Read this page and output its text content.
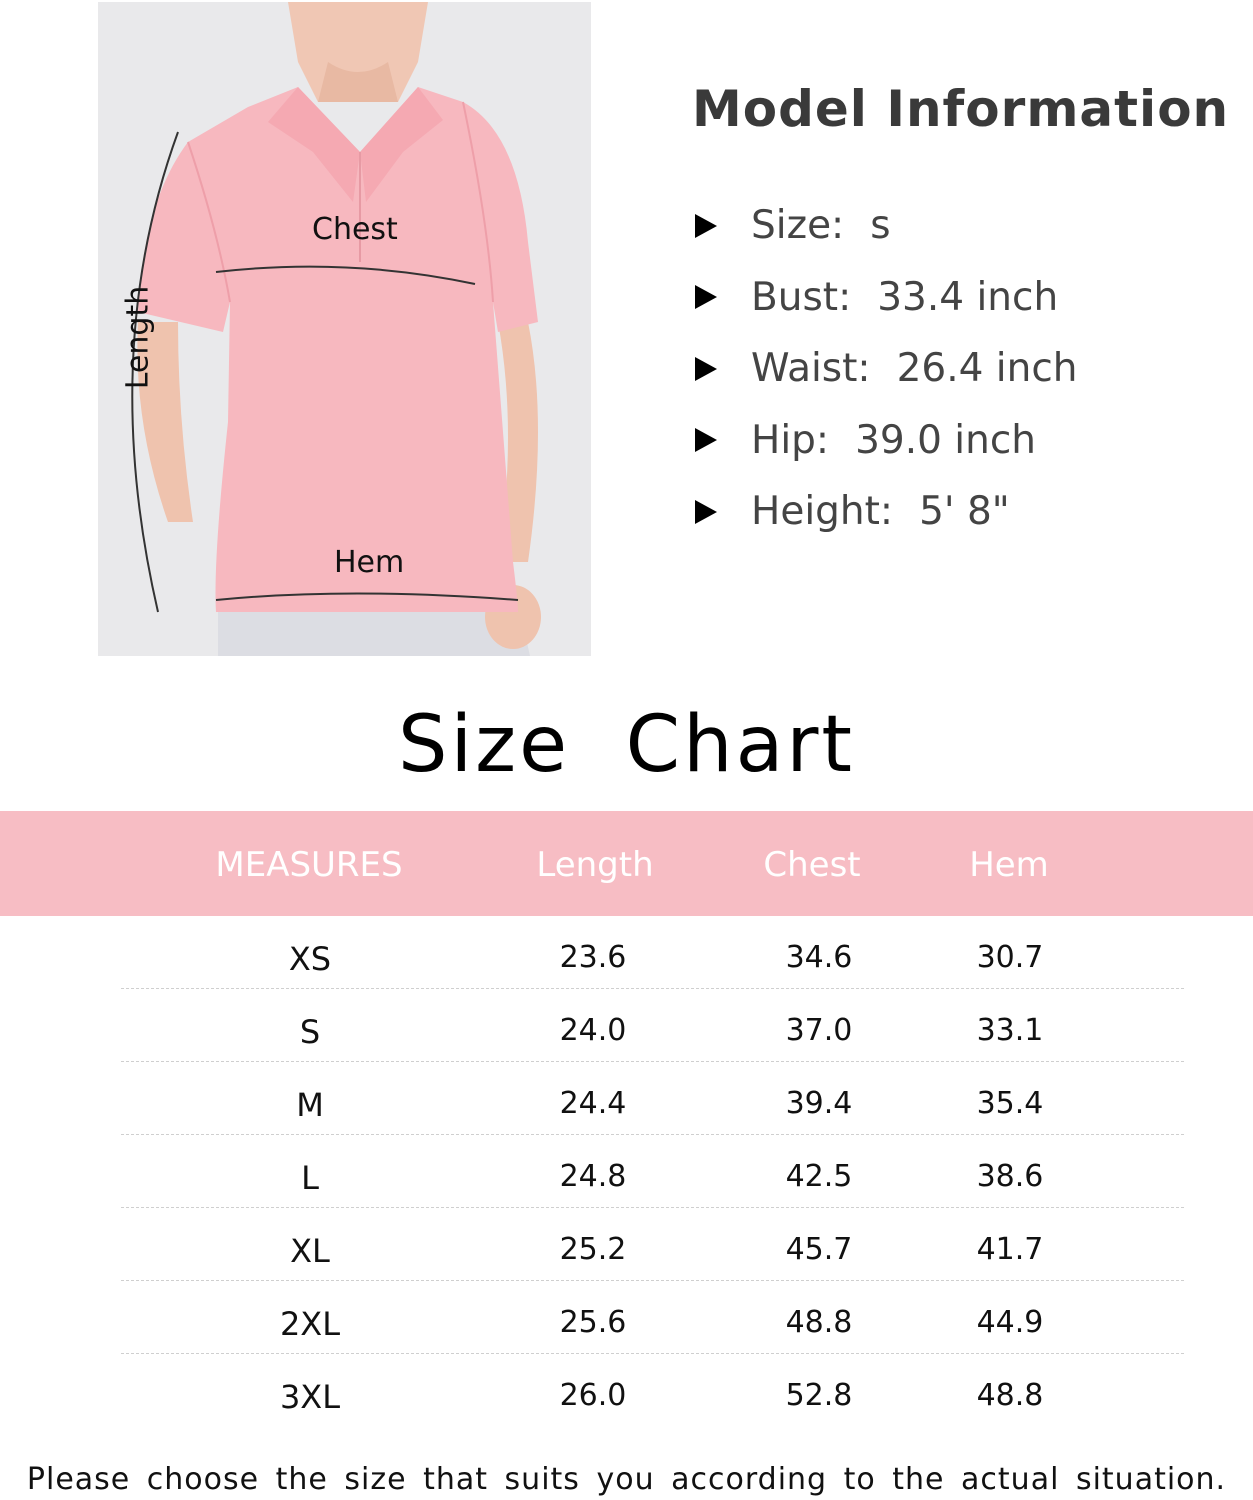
Chest
Hem
Length
Model Information
Size: s
Bust: 33.4 inch
Waist: 26.4 inch
Hip: 39.0 inch
Height: 5' 8"
Size  Chart
MEASURES	Length	Chest	Hem
XS	23.6	34.6	30.7
S	24.0	37.0	33.1
M	24.4	39.4	35.4
L	24.8	42.5	38.6
XL	25.2	45.7	41.7
2XL	25.6	48.8	44.9
3XL	26.0	52.8	48.8
Please choose the size that suits you according to the actual situation.
